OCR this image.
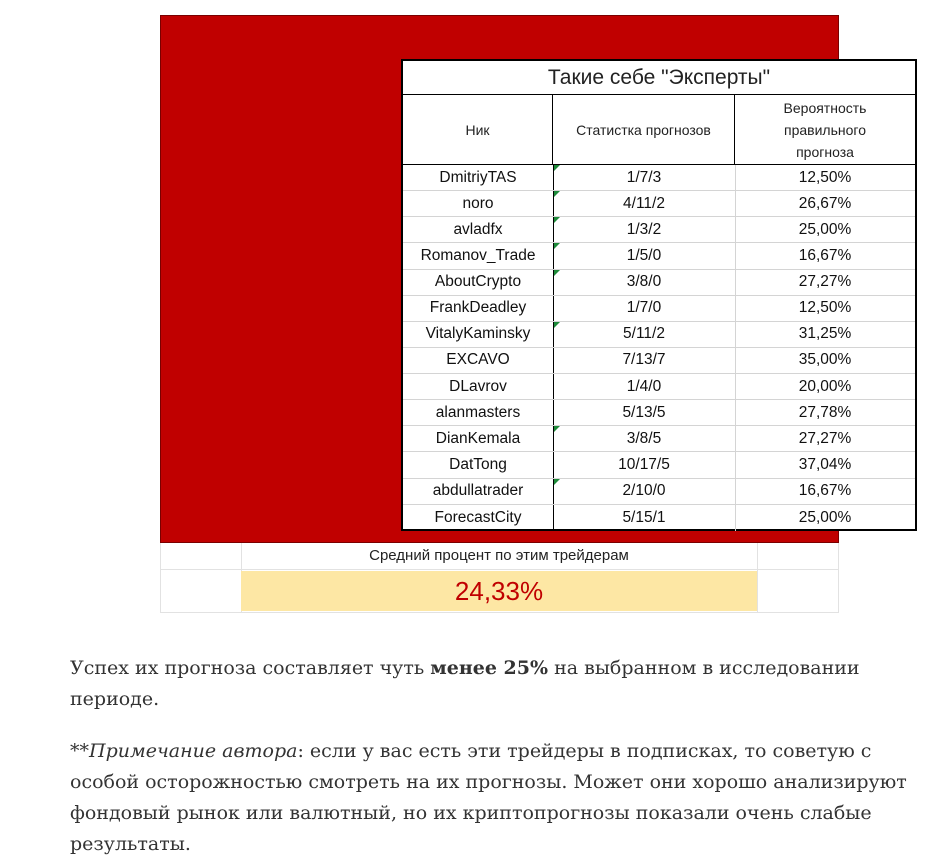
Такие себе "Эксперты"
Ник	Статистка прогнозов
Вероятность
правильного
прогноза
DmitriyTAS	1/7/3	12,50%
noro	4/11/2	26,67%
avladfx	1/3/2	25,00%
Romanov_Trade	1/5/0	16,67%
AboutCrypto	3/8/0	27,27%
FrankDeadley	1/7/0	12,50%
VitalyKaminsky	5/11/2	31,25%
EXCAVO	7/13/7	35,00%
DLavrov	1/4/0	20,00%
alanmasters	5/13/5	27,78%
DianKemala	3/8/5	27,27%
DatTong	10/17/5	37,04%
abdullatrader	2/10/0	16,67%
ForecastCity	5/15/1	25,00%
Средний процент по этим трейдерам
24,33%

Успех их прогноза составляет чуть менее 25% на выбранном в исследовании периоде.

**Примечание автора: если у вас есть эти трейдеры в подписках, то советую с особой осторожностью смотреть на их прогнозы. Может они хорошо анализируют фондовый рынок или валютный, но их криптопрогнозы показали очень слабые результаты.
